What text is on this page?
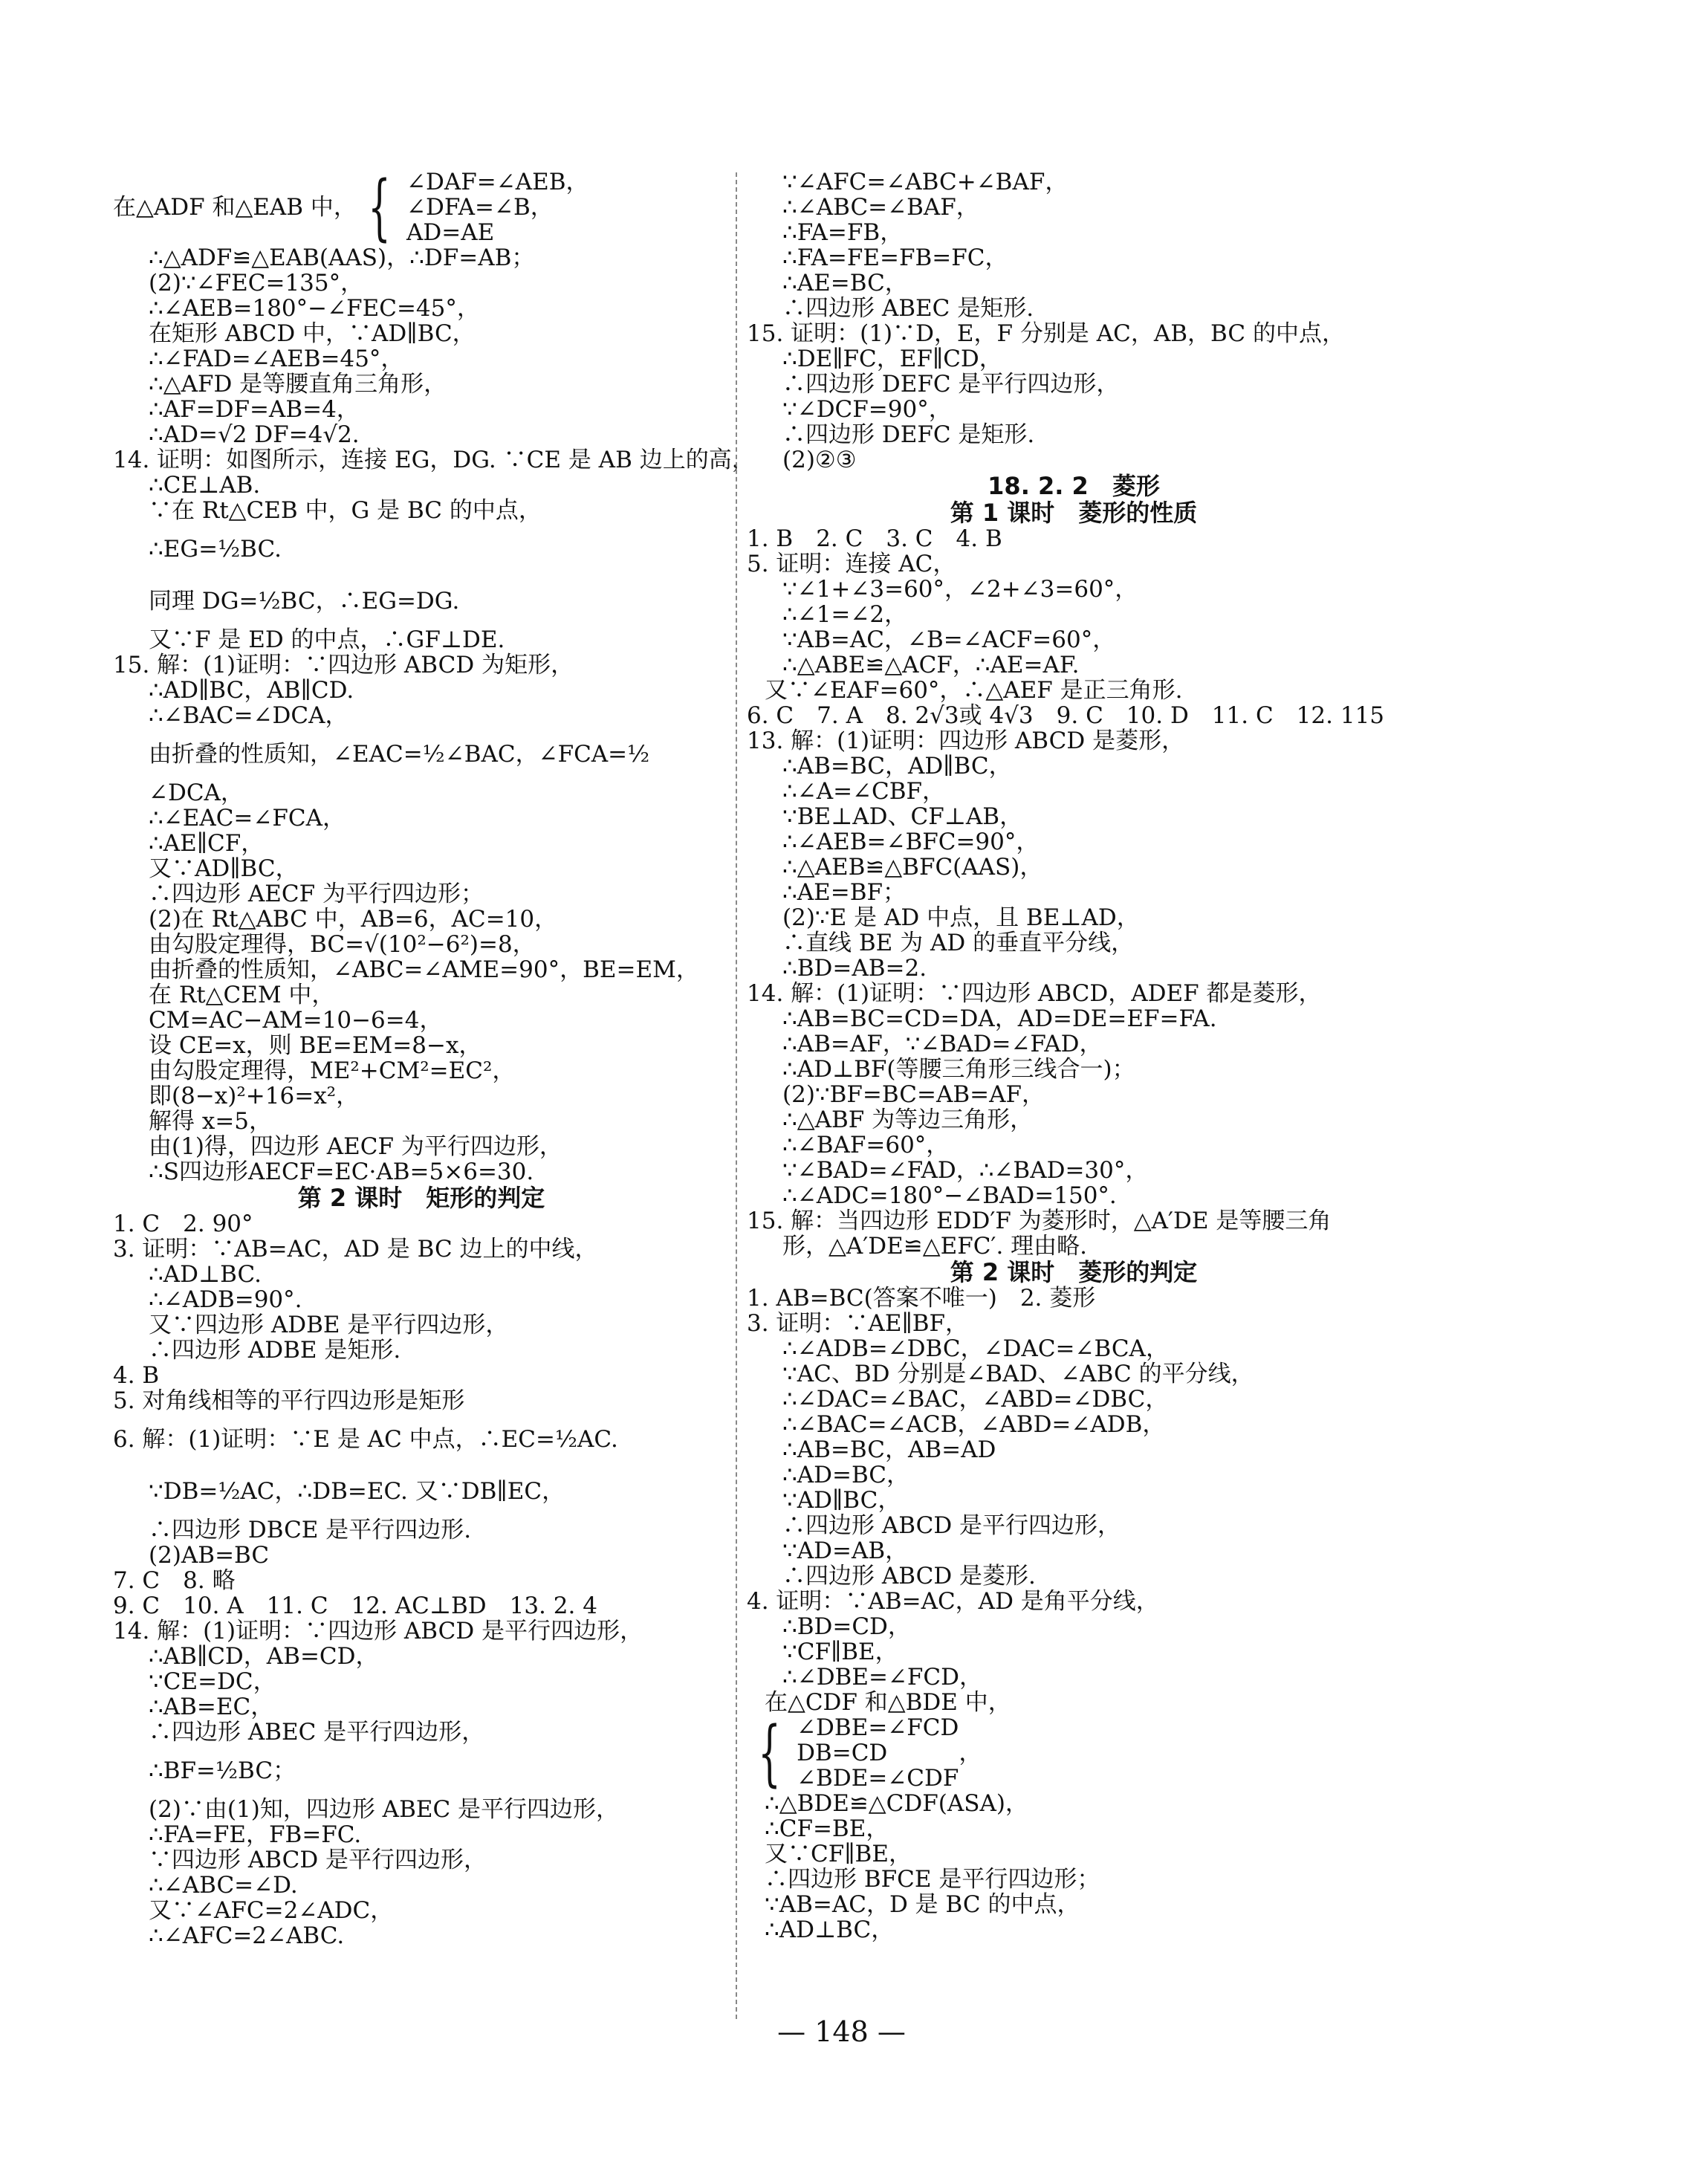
在△ADF 和△EAB 中， { ∠DAF=∠AEB，
∠DFA=∠B，
AD=AE
∴△ADF≌△EAB(AAS)，∴DF=AB；
(2)∵∠FEC=135°，
∴∠AEB=180°−∠FEC=45°，
在矩形 ABCD 中，∵AD∥BC，
∴∠FAD=∠AEB=45°，
∴△AFD 是等腰直角三角形，
∴AF=DF=AB=4，
∴AD=√2 DF=4√2.
14. 证明：如图所示，连接 EG，DG. ∵CE 是 AB 边上的高，
∴CE⊥AB.
∵在 Rt△CEB 中，G 是 BC 的中点，
∴EG=½BC.
同理 DG=½BC，∴EG=DG.
又∵F 是 ED 的中点，∴GF⊥DE.
15. 解：(1)证明：∵四边形 ABCD 为矩形，
∴AD∥BC，AB∥CD.
∴∠BAC=∠DCA，
由折叠的性质知，∠EAC=½∠BAC，∠FCA=½
∠DCA，
∴∠EAC=∠FCA，
∴AE∥CF，
又∵AD∥BC，
∴四边形 AECF 为平行四边形；
(2)在 Rt△ABC 中，AB=6，AC=10，
由勾股定理得，BC=√(10²−6²)=8，
由折叠的性质知，∠ABC=∠AME=90°，BE=EM，
在 Rt△CEM 中，
CM=AC−AM=10−6=4，
设 CE=x，则 BE=EM=8−x，
由勾股定理得，ME²+CM²=EC²，
即(8−x)²+16=x²，
解得 x=5，
由(1)得，四边形 AECF 为平行四边形，
∴S四边形AECF=EC·AB=5×6=30.
第 2 课时　矩形的判定
1. C　2. 90°
3. 证明：∵AB=AC，AD 是 BC 边上的中线，
∴AD⊥BC.
∴∠ADB=90°.
又∵四边形 ADBE 是平行四边形，
∴四边形 ADBE 是矩形.
4. B
5. 对角线相等的平行四边形是矩形
6. 解：(1)证明：∵E 是 AC 中点，∴EC=½AC.
∵DB=½AC，∴DB=EC. 又∵DB∥EC，
∴四边形 DBCE 是平行四边形.
(2)AB=BC
7. C　8. 略
9. C　10. A　11. C　12. AC⊥BD　13. 2. 4
14. 解：(1)证明：∵四边形 ABCD 是平行四边形，
∴AB∥CD，AB=CD，
∵CE=DC，
∴AB=EC，
∴四边形 ABEC 是平行四边形，
∴BF=½BC；
(2)∵由(1)知，四边形 ABEC 是平行四边形，
∴FA=FE，FB=FC.
∵四边形 ABCD 是平行四边形，
∴∠ABC=∠D.
又∵∠AFC=2∠ADC，
∴∠AFC=2∠ABC.
∵∠AFC=∠ABC+∠BAF，
∴∠ABC=∠BAF，
∴FA=FB，
∴FA=FE=FB=FC，
∴AE=BC，
∴四边形 ABEC 是矩形.
15. 证明：(1)∵D，E，F 分别是 AC，AB，BC 的中点，
∴DE∥FC，EF∥CD，
∴四边形 DEFC 是平行四边形，
∵∠DCF=90°，
∴四边形 DEFC 是矩形.
(2)②③
18. 2. 2　菱形
第 1 课时　菱形的性质
1. B　2. C　3. C　4. B
5. 证明：连接 AC，
∵∠1+∠3=60°，∠2+∠3=60°，
∴∠1=∠2，
∵AB=AC，∠B=∠ACF=60°，
∴△ABE≌△ACF，∴AE=AF.
又∵∠EAF=60°，∴△AEF 是正三角形.
6. C　7. A　8. 2√3或 4√3　9. C　10. D　11. C　12. 115
13. 解：(1)证明：四边形 ABCD 是菱形，
∴AB=BC，AD∥BC，
∴∠A=∠CBF，
∵BE⊥AD、CF⊥AB，
∴∠AEB=∠BFC=90°，
∴△AEB≌△BFC(AAS)，
∴AE=BF；
(2)∵E 是 AD 中点，且 BE⊥AD，
∴直线 BE 为 AD 的垂直平分线，
∴BD=AB=2.
14. 解：(1)证明：∵四边形 ABCD，ADEF 都是菱形，
∴AB=BC=CD=DA，AD=DE=EF=FA.
∴AB=AF，∵∠BAD=∠FAD，
∴AD⊥BF(等腰三角形三线合一)；
(2)∵BF=BC=AB=AF，
∴△ABF 为等边三角形，
∴∠BAF=60°，
∵∠BAD=∠FAD，∴∠BAD=30°，
∴∠ADC=180°−∠BAD=150°.
15. 解：当四边形 EDD′F 为菱形时，△A′DE 是等腰三角
形，△A′DE≌△EFC′. 理由略.
第 2 课时　菱形的判定
1. AB=BC(答案不唯一)　2. 菱形
3. 证明：∵AE∥BF，
∴∠ADB=∠DBC，∠DAC=∠BCA，
∵AC、BD 分别是∠BAD、∠ABC 的平分线，
∴∠DAC=∠BAC，∠ABD=∠DBC，
∴∠BAC=∠ACB，∠ABD=∠ADB，
∴AB=BC，AB=AD
∴AD=BC，
∵AD∥BC，
∴四边形 ABCD 是平行四边形，
∵AD=AB，
∴四边形 ABCD 是菱形.
4. 证明：∵AB=AC，AD 是角平分线，
∴BD=CD，
∵CF∥BE，
∴∠DBE=∠FCD，
在△CDF 和△BDE 中，
{ ∠DBE=∠FCD
DB=CD
∠BDE=∠CDF
，
∴△BDE≌△CDF(ASA)，
∴CF=BE，
又∵CF∥BE，
∴四边形 BFCE 是平行四边形；
∵AB=AC，D 是 BC 的中点，
∴AD⊥BC，
— 148 —
